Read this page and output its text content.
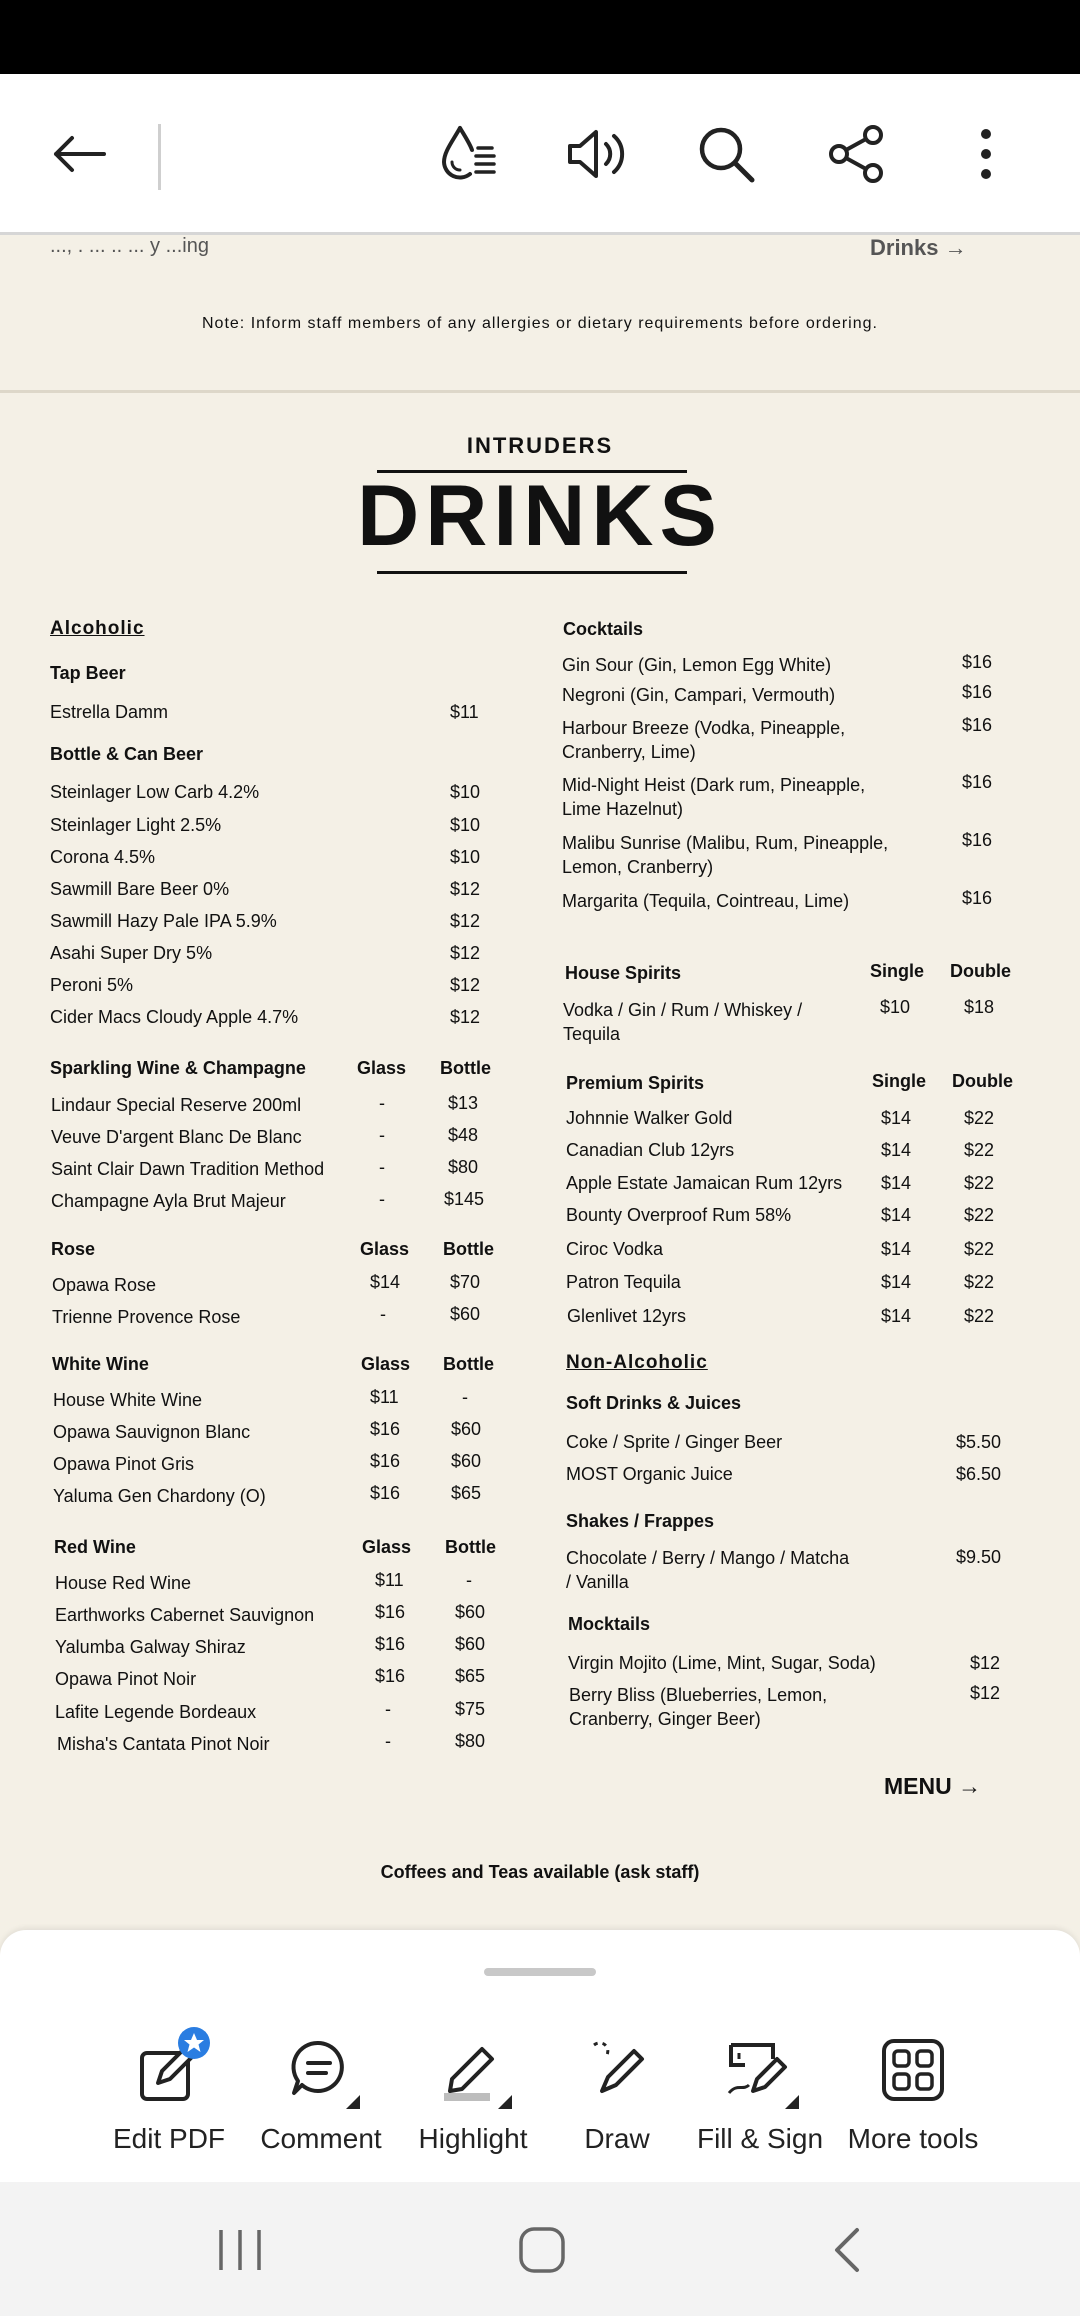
..., . ... .. ... y ...ing	Drinks →
Note: Inform staff members of any allergies or dietary requirements before ordering.
INTRUDERS
DRINKS
Alcoholic
Tap Beer
Estrella Damm	$11
Bottle & Can Beer
Steinlager Low Carb 4.2%	$10
Steinlager Light 2.5%	$10
Corona 4.5%	$10
Sawmill Bare Beer 0%	$12
Sawmill Hazy Pale IPA 5.9%	$12
Asahi Super Dry 5%	$12
Peroni 5%	$12
Cider Macs Cloudy Apple 4.7%	$12
Sparkling Wine & Champagne	Glass Bottle
Lindaur Special Reserve 200ml	-	$13
Veuve D'argent Blanc De Blanc	-	$48
Saint Clair Dawn Tradition Method	-	$80
Champagne Ayla Brut Majeur	-	$145
Rose	Glass Bottle
Opawa Rose	$14	$70
Trienne Provence Rose	-	$60
White Wine	Glass Bottle
House White Wine	$11	-
Opawa Sauvignon Blanc	$16	$60
Opawa Pinot Gris	$16	$60
Yaluma Gen Chardony (O)	$16	$65
Red Wine	Glass Bottle
House Red Wine	$11	-
Earthworks Cabernet Sauvignon	$16	$60
Yalumba Galway Shiraz	$16	$60
Opawa Pinot Noir	$16	$65
Lafite Legende Bordeaux	-	$75
Misha's Cantata Pinot Noir	-	$80
Cocktails
Gin Sour (Gin, Lemon Egg White)	$16
Negroni (Gin, Campari, Vermouth)	$16
Harbour Breeze (Vodka, Pineapple, Cranberry, Lime)
$16
Mid-Night Heist (Dark rum, Pineapple, Lime Hazelnut)
$16
Malibu Sunrise (Malibu, Rum, Pineapple, Lemon, Cranberry)
$16
Margarita (Tequila, Cointreau, Lime)	$16
House Spirits	Single Double
Vodka / Gin / Rum / Whiskey / Tequila
$10	$18
Premium Spirits	Single Double
Johnnie Walker Gold	$14	$22
Canadian Club 12yrs	$14	$22
Apple Estate Jamaican Rum 12yrs $14	$22
Bounty Overproof Rum 58%	$14	$22
Ciroc Vodka	$14	$22
Patron Tequila	$14	$22
Glenlivet 12yrs	$14	$22
Non-Alcoholic
Soft Drinks & Juices
Coke / Sprite / Ginger Beer	$5.50
MOST Organic Juice	$6.50
Shakes / Frappes
Chocolate / Berry / Mango / Matcha / Vanilla
$9.50
Mocktails
Virgin Mojito (Lime, Mint, Sugar, Soda)	$12
Berry Bliss (Blueberries, Lemon, Cranberry, Ginger Beer)
$12
MENU →
Coffees and Teas available (ask staff)
Edit PDF	Comment	Highlight	Draw	Fill & Sign More tools
